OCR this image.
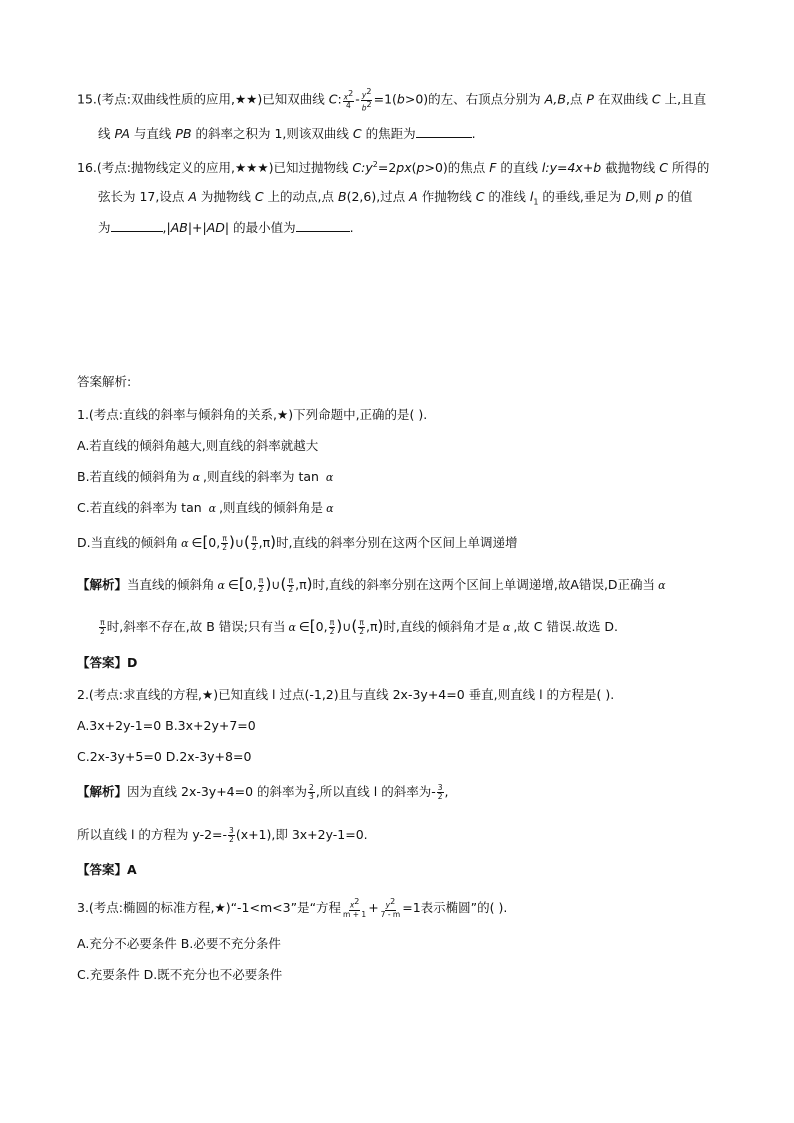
15.(考点:双曲线性质的应用,★★)已知双曲线 C: $\frac{x2}{4} - \frac{y2}{b2} =1(b>0)$的左、右顶点分别为 A,B,点 P 在双曲线 C 上,且直
线 PA 与直线 PB 的斜率之积为 1,则该双曲线 C 的焦距为	.
16.(考点:抛物线定义的应用,★★★)已知过抛物线 $C:y^2=2px(p>0)$的焦点 F 的直线 l:y=4x+b 截抛物线 C 所得的
弦长为 17,设点 A 为抛物线 C 上的动点,点 B(2,6),过点 A 作抛物线 C 的准线 $l_1$ 的垂线,垂足为 D,则 p 的值
为	,|AB|+|AD| 的最小值为	.
答案解析:
1.(考点:直线的斜率与倾斜角的关系,★)下列命题中,正确的是( ).
A.若直线的倾斜角越大,则直线的斜率就越大
B.若直线的倾斜角为 α ,则直线的斜率为 tan α
C.若直线的斜率为 tan α ,则直线的倾斜角是 α
D.当直线的倾斜角 α ∈[0, $\frac{\pi}{2}$ )∪( $\frac{\pi}{2} ,\pi$)时,直线的斜率分别在这两个区间上单调递增
【解析】当直线的倾斜角 α ∈[0, $\frac{\pi}{2}$ )∪( $\frac{\pi}{2} ,\pi$)时,直线的斜率分别在这两个区间上单调递增,故A错误,D正确当 α
$\frac{\pi}{2}$ 时,斜率不存在,故 B 错误;只有当 α ∈[0, $\frac{\pi}{2}$ )∪( $\frac{\pi}{2} ,\pi$)时,直线的倾斜角才是 α ,故 C 错误.故选 D.
【答案】D
2.(考点:求直线的方程,★)已知直线 l 过点(-1,2)且与直线 2x-3y+4=0 垂直,则直线 l 的方程是( ).
A.3x+2y-1=0 B.3x+2y+7=0
C.2x-3y+5=0 D.2x-3y+8=0
【解析】因为直线 2x-3y+4=0 的斜率为 $\frac{2}{3}$ ,所以直线 l 的斜率为- $\frac{3}{2}$ ,
所以直线 l 的方程为 $y-2=- \frac{3}{2} (x+1)$,即 3x+2y-1=0.
【答案】A
3.(考点:椭圆的标准方程,★)“-1<m<3”是“方程 $\frac{x2}{m + 1} + \frac{y2}{7 - m} =1$表示椭圆”的( ).
A.充分不必要条件 B.必要不充分条件
C.充要条件 D.既不充分也不必要条件
